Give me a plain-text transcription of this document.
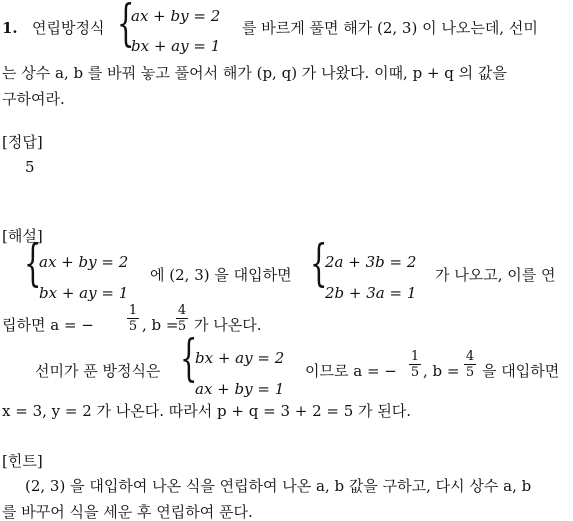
1. 연립방정식 {
ax + by = 2
bx + ay = 1
를 바르게 풀면 해가 (2, 3) 이 나오는데, 선미
는 상수 a, b 를 바꿔 놓고 풀어서 해가 (p, q) 가 나왔다. 이때, p + q 의 값을
구하여라.
[정답]
5
[해설]
{
ax + by = 2
bx + ay = 1
에 (2, 3) 을 대입하면 {
2a + 3b = 2
2b + 3a = 1
가 나오고, 이를 연
립하면 a = −
1
5 , b =
4
5 가 나온다.
선미가 푼 방정식은 {
bx + ay = 2
ax + by = 1
이므로 a = −
1
5 , b =
4
5 을 대입하면
x = 3, y = 2 가 나온다. 따라서 p + q = 3 + 2 = 5 가 된다.
[힌트]
(2, 3) 을 대입하여 나온 식을 연립하여 나온 a, b 값을 구하고, 다시 상수 a, b
를 바꾸어 식을 세운 후 연립하여 푼다.
